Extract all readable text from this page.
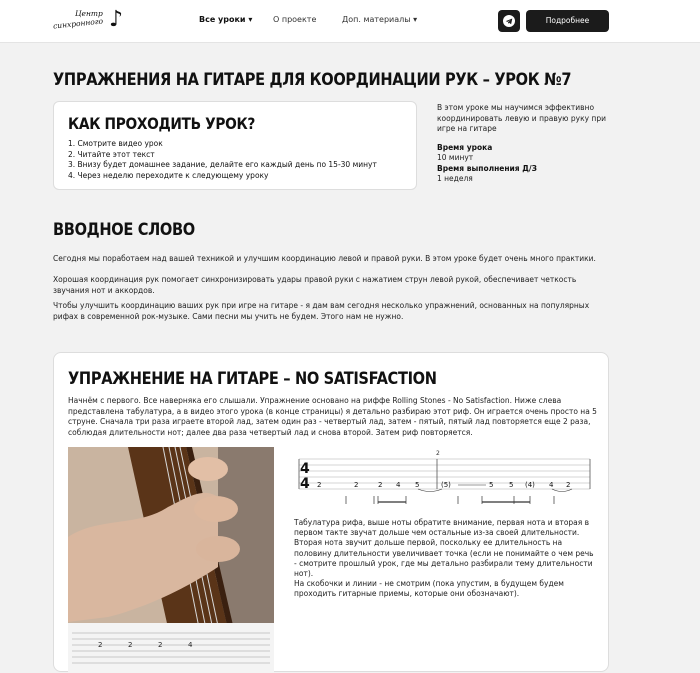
Центр
синхронного ♪	Все уроки ▾	О проекте	Доп. материалы ▾	Подробнее
УПРАЖНЕНИЯ НА ГИТАРЕ ДЛЯ КООРДИНАЦИИ РУК – УРОК №7
КАК ПРОХОДИТЬ УРОК?
1. Смотрите видео урок
2. Читайте этот текст
3. Внизу будет домашнее задание, делайте его каждый день по 15-30 минут
4. Через неделю переходите к следующему уроку

В этом уроке мы научимся эффективно координировать левую и правую руку при игре на гитаре

Время урока

10 минут

Время выполнения Д/З

1 неделя

ВВОДНОЕ СЛОВО

Сегодня мы поработаем над вашей техникой и улучшим координацию левой и правой руки. В этом уроке будет очень много практики.

Хорошая координация рук помогает синхронизировать удары правой руки с нажатием струн левой рукой, обеспечивает четкость звучания нот и аккордов.

Чтобы улучшить координацию ваших рук при игре на гитаре - я дам вам сегодня несколько упражнений, основанных на популярных рифах в современной рок-музыке. Сами песни мы учить не будем. Этого нам не нужно.

УПРАЖНЕНИЕ НА ГИТАРЕ – NO SATISFACTION

Начнём с первого. Все наверняка его слышали. Упражнение основано на риффе Rolling Stones - No Satisfaction. Ниже слева представлена табулатура, а в видео этого урока (в конце страницы) я детально разбираю этот риф. Он играется очень просто на 5 струне. Сначала три раза играете второй лад, затем один раз - четвертый лад, затем - пятый, пятый лад повторяется еще 2 раза, соблюдая длительности нот; далее два раза четвертый лад и снова второй. Затем риф повторяется.

2	2	2	4
4
4 2	2	2 4 5	(5)
2
5 5 (4) 4 2

Табулатура рифа, выше ноты обратите внимание, первая нота и вторая в первом такте звучат дольше чем остальные из-за своей длительности. Вторая нота звучит дольше первой, поскольку ее длительность на половину длительности увеличивает точка (если не понимайте о чем речь - смотрите прошлый урок, где мы детально разбирали тему длительности нот).

На скобочки и линии - не смотрим (пока упустим, в будущем будем проходить гитарные приемы, которые они обозначают).
